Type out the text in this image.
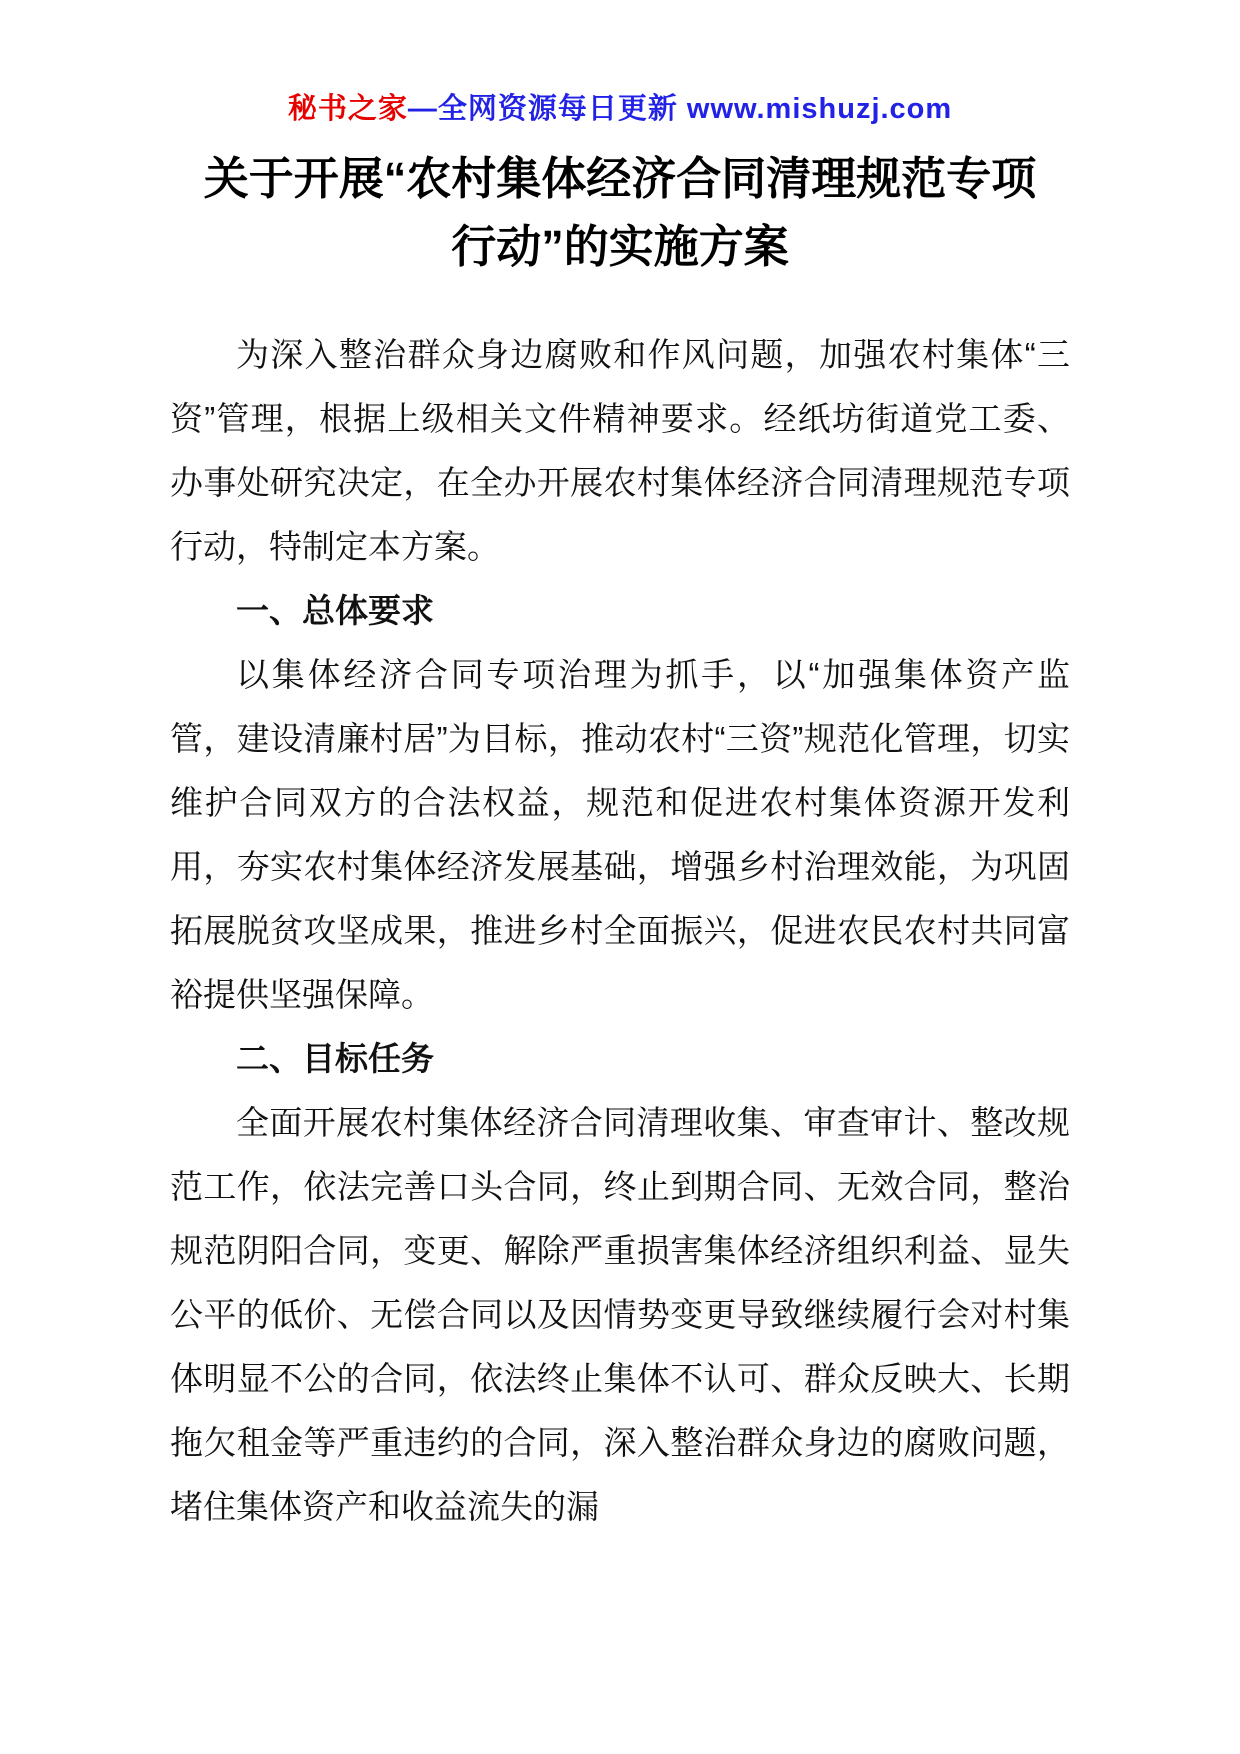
秘书之家—全网资源每日更新 www.mishuzj.com
关于开展“农村集体经济合同清理规范专项行动”的实施方案

为深入整治群众身边腐败和作风问题，加强农村集体“三资”管理，根据上级相关文件精神要求。经纸坊街道党工委、办事处研究决定，在全办开展农村集体经济合同清理规范专项行动，特制定本方案。

一、总体要求

以集体经济合同专项治理为抓手，以“加强集体资产监管，建设清廉村居”为目标，推动农村“三资”规范化管理，切实维护合同双方的合法权益，规范和促进农村集体资源开发利用，夯实农村集体经济发展基础，增强乡村治理效能，为巩固拓展脱贫攻坚成果，推进乡村全面振兴，促进农民农村共同富裕提供坚强保障。

二、目标任务

全面开展农村集体经济合同清理收集、审查审计、整改规范工作，依法完善口头合同，终止到期合同、无效合同，整治规范阴阳合同，变更、解除严重损害集体经济组织利益、显失公平的低价、无偿合同以及因情势变更导致继续履行会对村集体明显不公的合同，依法终止集体不认可、群众反映大、长期拖欠租金等严重违约的合同，深入整治群众身边的腐败问题，堵住集体资产和收益流失的漏
